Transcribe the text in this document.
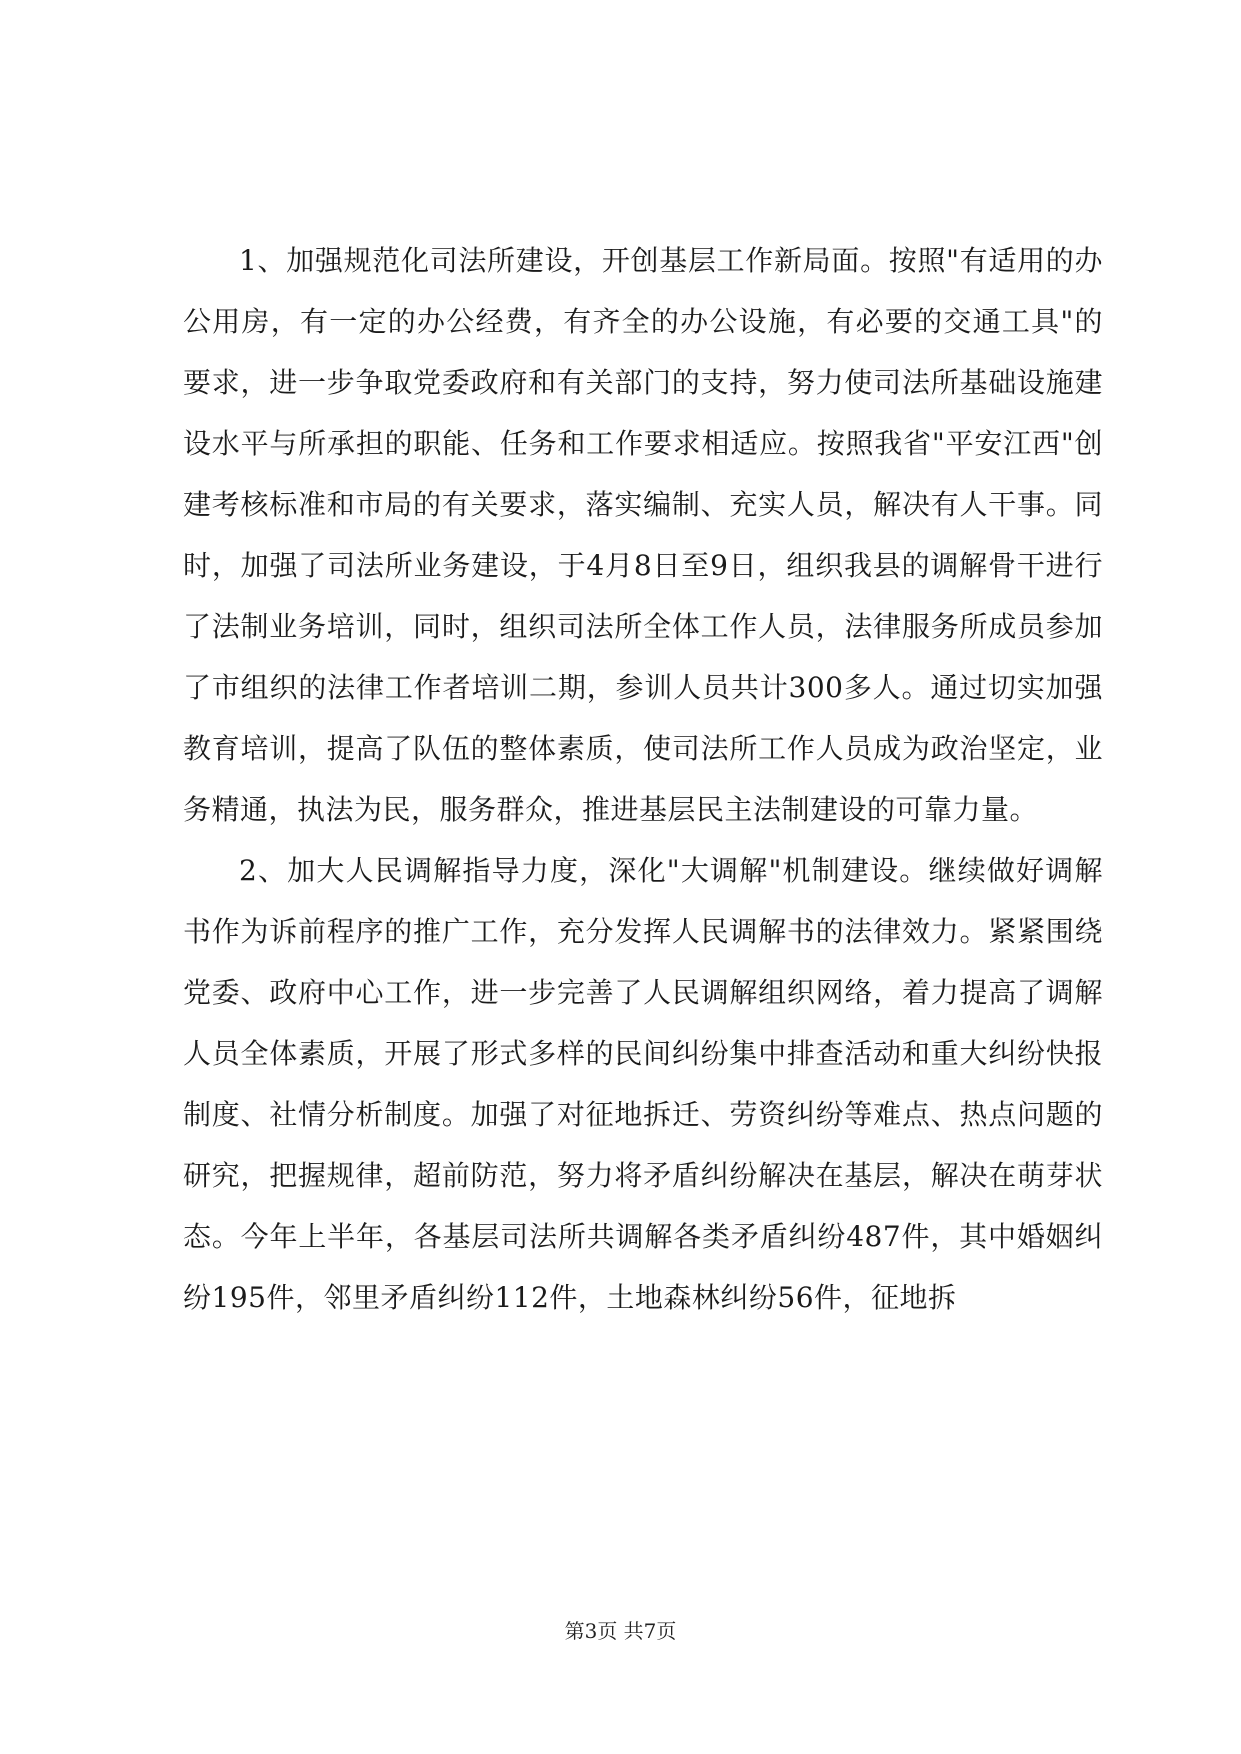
1、加强规范化司法所建设，开创基层工作新局面。按照"有适用的办公用房，有一定的办公经费，有齐全的办公设施，有必要的交通工具"的要求，进一步争取党委政府和有关部门的支持，努力使司法所基础设施建设水平与所承担的职能、任务和工作要求相适应。按照我省"平安江西"创建考核标准和市局的有关要求，落实编制、充实人员，解决有人干事。同时，加强了司法所业务建设，于4月8日至9日，组织我县的调解骨干进行了法制业务培训，同时，组织司法所全体工作人员，法律服务所成员参加了市组织的法律工作者培训二期，参训人员共计300多人。通过切实加强教育培训，提高了队伍的整体素质，使司法所工作人员成为政治坚定，业务精通，执法为民，服务群众，推进基层民主法制建设的可靠力量。

2、加大人民调解指导力度，深化"大调解"机制建设。继续做好调解书作为诉前程序的推广工作，充分发挥人民调解书的法律效力。紧紧围绕党委、政府中心工作，进一步完善了人民调解组织网络，着力提高了调解人员全体素质，开展了形式多样的民间纠纷集中排查活动和重大纠纷快报制度、社情分析制度。加强了对征地拆迁、劳资纠纷等难点、热点问题的研究，把握规律，超前防范，努力将矛盾纠纷解决在基层，解决在萌芽状态。今年上半年，各基层司法所共调解各类矛盾纠纷487件，其中婚姻纠纷195件，邻里矛盾纠纷112件，土地森林纠纷56件，征地拆

第3页 共7页
